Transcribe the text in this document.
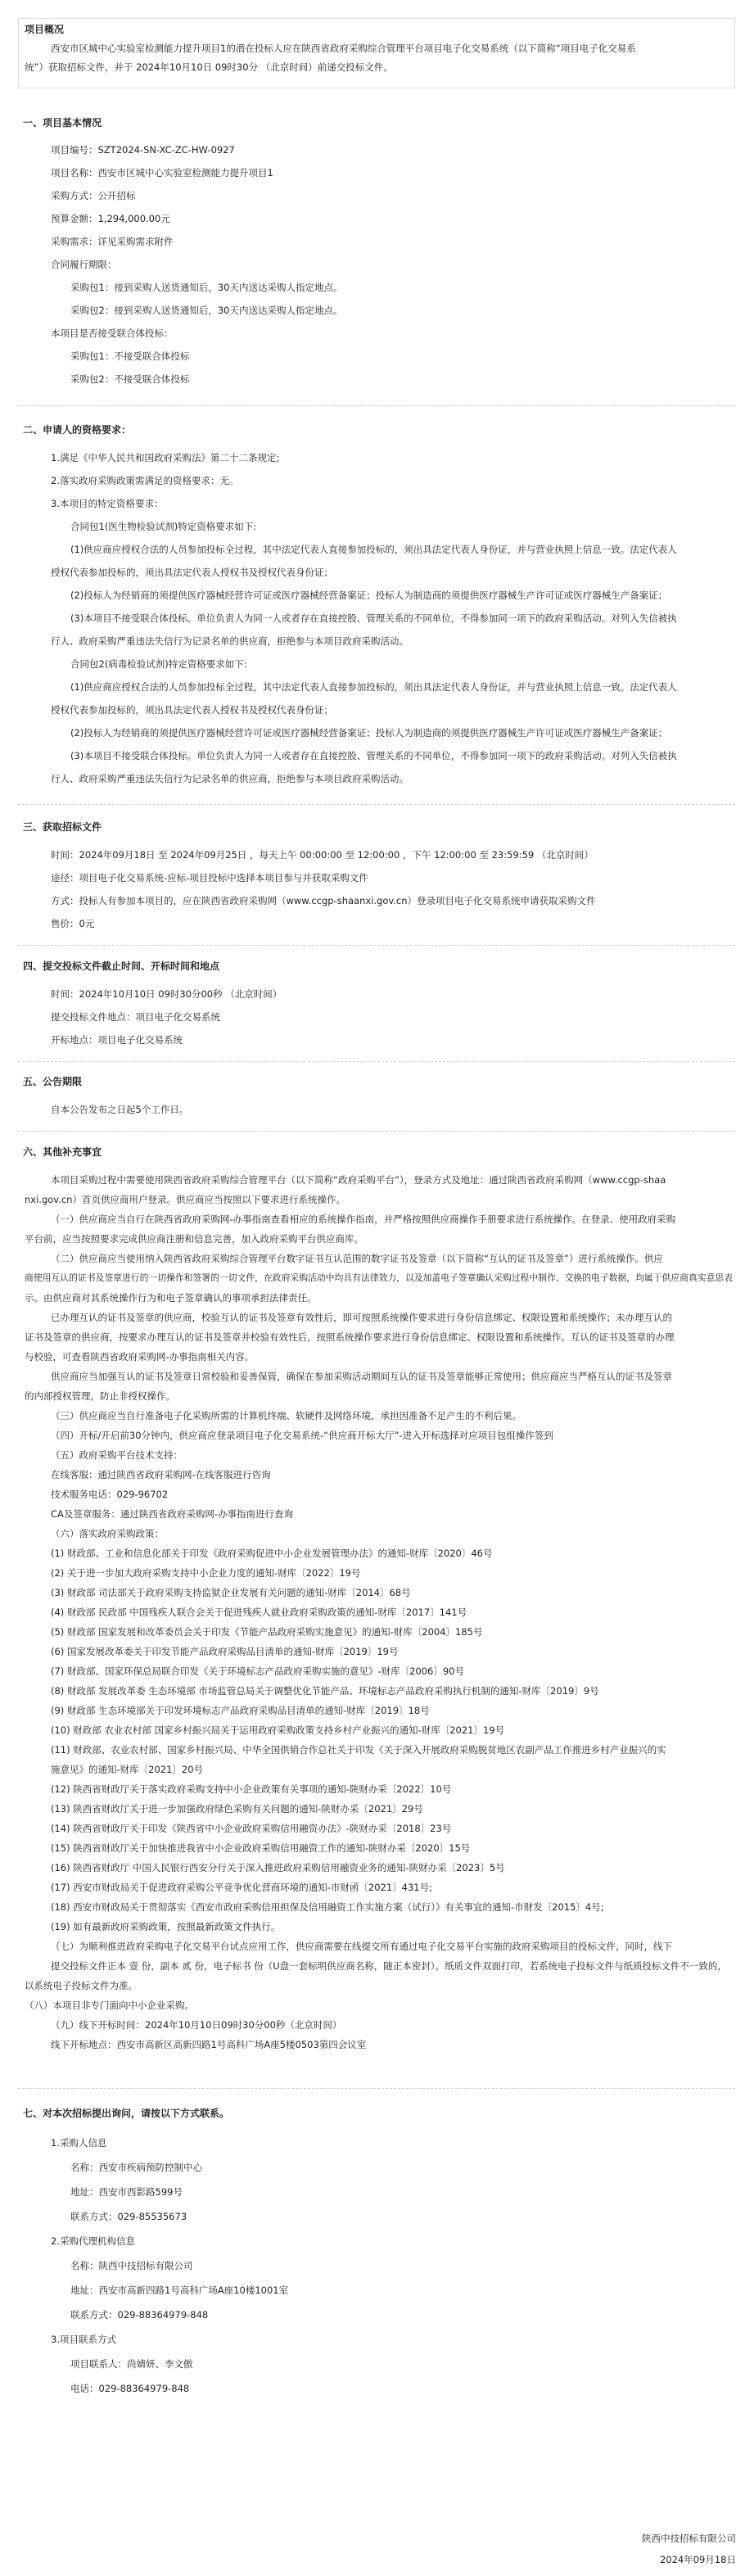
项目概况
西安市区城中心实验室检测能力提升项目1的潜在投标人应在陕西省政府采购综合管理平台项目电子化交易系统（以下简称“项目电子化交易系
统”）获取招标文件，并于 2024年10月10日 09时30分 （北京时间）前递交投标文件。
一、项目基本情况
项目编号：SZT2024-SN-XC-ZC-HW-0927
项目名称：西安市区城中心实验室检测能力提升项目1
采购方式：公开招标
预算金额：1,294,000.00元
采购需求：详见采购需求附件
合同履行期限：
采购包1：接到采购人送货通知后，30天内送达采购人指定地点。
采购包2：接到采购人送货通知后，30天内送达采购人指定地点。
本项目是否接受联合体投标：
采购包1：不接受联合体投标
采购包2：不接受联合体投标
二、申请人的资格要求：
1.满足《中华人民共和国政府采购法》第二十二条规定;
2.落实政府采购政策需满足的资格要求：无。
3.本项目的特定资格要求：
合同包1(医生物检验试剂)特定资格要求如下:
(1)供应商应授权合法的人员参加投标全过程，其中法定代表人直接参加投标的，须出具法定代表人身份证，并与营业执照上信息一致。法定代表人
授权代表参加投标的，须出具法定代表人授权书及授权代表身份证；
(2)投标人为经销商的须提供医疗器械经营许可证或医疗器械经营备案证；投标人为制造商的须提供医疗器械生产许可证或医疗器械生产备案证；
(3)本项目不接受联合体投标。单位负责人为同一人或者存在直接控股、管理关系的不同单位，不得参加同一项下的政府采购活动。对列入失信被执
行人、政府采购严重违法失信行为记录名单的供应商，拒绝参与本项目政府采购活动。
合同包2(病毒检验试剂)特定资格要求如下:
(1)供应商应授权合法的人员参加投标全过程，其中法定代表人直接参加投标的，须出具法定代表人身份证，并与营业执照上信息一致。法定代表人
授权代表参加投标的，须出具法定代表人授权书及授权代表身份证；
(2)投标人为经销商的须提供医疗器械经营许可证或医疗器械经营备案证；投标人为制造商的须提供医疗器械生产许可证或医疗器械生产备案证；
(3)本项目不接受联合体投标。单位负责人为同一人或者存在直接控股、管理关系的不同单位，不得参加同一项下的政府采购活动。对列入失信被执
行人、政府采购严重违法失信行为记录名单的供应商，拒绝参与本项目政府采购活动。
三、获取招标文件
时间：2024年09月18日 至 2024年09月25日 ，每天上午 00:00:00 至 12:00:00 ，下午 12:00:00 至 23:59:59 （北京时间）
途径：项目电子化交易系统-应标-项目投标中选择本项目参与并获取采购文件
方式：投标人有参加本项目的，应在陕西省政府采购网（www.ccgp-shaanxi.gov.cn）登录项目电子化交易系统申请获取采购文件
售价：0元
四、提交投标文件截止时间、开标时间和地点
时间：2024年10月10日 09时30分00秒 （北京时间）
提交投标文件地点：项目电子化交易系统
开标地点：项目电子化交易系统
五、公告期限
自本公告发布之日起5个工作日。
六、其他补充事宜
本项目采购过程中需要使用陕西省政府采购综合管理平台（以下简称“政府采购平台”），登录方式及地址：通过陕西省政府采购网（www.ccgp-shaa
nxi.gov.cn）首页供应商用户登录。供应商应当按照以下要求进行系统操作。
（一）供应商应当自行在陕西省政府采购网-办事指南查看相应的系统操作指南，并严格按照供应商操作手册要求进行系统操作。在登录、使用政府采购
平台前，应当按照要求完成供应商注册和信息完善，加入政府采购平台供应商库。
（二）供应商应当使用纳入陕西省政府采购综合管理平台数字证书互认范围的数字证书及签章（以下简称“互认的证书及签章”）进行系统操作。供应
商使用互认的证书及签章进行的一切操作和签署的一切文件，在政府采购活动中均具有法律效力，以及加盖电子签章确认采购过程中制作、交换的电子数据，均属于供应商真实意思表
示。由供应商对其系统操作行为和电子签章确认的事项承担法律责任。
已办理互认的证书及签章的供应商，校验互认的证书及签章有效性后，即可按照系统操作要求进行身份信息绑定、权限设置和系统操作；未办理互认的
证书及签章的供应商，按要求办理互认的证书及签章并校验有效性后，按照系统操作要求进行身份信息绑定、权限设置和系统操作。互认的证书及签章的办理
与校验，可查看陕西省政府采购网-办事指南相关内容。
供应商应当加强互认的证书及签章日常校验和妥善保管，确保在参加采购活动期间互认的证书及签章能够正常使用；供应商应当严格互认的证书及签章
的内部授权管理，防止非授权操作。
（三）供应商应当自行准备电子化采购所需的计算机终端、软硬件及网络环境，承担因准备不足产生的不利后果。
（四）开标/开启前30分钟内，供应商应登录项目电子化交易系统-“供应商开标大厅”-进入开标选择对应项目包组操作签到
（五）政府采购平台技术支持：
在线客服：通过陕西省政府采购网-在线客服进行咨询
技术服务电话：029-96702
CA及签章服务：通过陕西省政府采购网-办事指南进行查询
（六）落实政府采购政策：
(1) 财政部、工业和信息化部关于印发《政府采购促进中小企业发展管理办法》的通知-财库〔2020〕46号
(2) 关于进一步加大政府采购支持中小企业力度的通知-财库〔2022〕19号
(3) 财政部 司法部关于政府采购支持监狱企业发展有关问题的通知-财库〔2014〕68号
(4) 财政部 民政部 中国残疾人联合会关于促进残疾人就业政府采购政策的通知-财库〔2017〕141号
(5) 财政部 国家发展和改革委员会关于印发《节能产品政府采购实施意见》的通知-财库〔2004〕185号
(6) 国家发展改革委关于印发节能产品政府采购品目清单的通知-财库〔2019〕19号
(7) 财政部、国家环保总局联合印发《关于环境标志产品政府采购实施的意见》-财库〔2006〕90号
(8) 财政部 发展改革委 生态环境部 市场监管总局关于调整优化节能产品、环境标志产品政府采购执行机制的通知-财库〔2019〕9号
(9) 财政部 生态环境部关于印发环境标志产品政府采购品目清单的通知-财库〔2019〕18号
(10) 财政部 农业农村部 国家乡村振兴局关于运用政府采购政策支持乡村产业振兴的通知-财库〔2021〕19号
(11) 财政部、农业农村部、国家乡村振兴局、中华全国供销合作总社关于印发《关于深入开展政府采购脱贫地区农副产品工作推进乡村产业振兴的实
施意见》的通知-财库〔2021〕20号
(12) 陕西省财政厅关于落实政府采购支持中小企业政策有关事项的通知-陕财办采〔2022〕10号
(13) 陕西省财政厅关于进一步加强政府绿色采购有关问题的通知-陕财办采〔2021〕29号
(14) 陕西省财政厅关于印发《陕西省中小企业政府采购信用融资办法》-陕财办采〔2018〕23号
(15) 陕西省财政厅关于加快推进我省中小企业政府采购信用融资工作的通知-陕财办采〔2020〕15号
(16) 陕西省财政厅 中国人民银行西安分行关于深入推进政府采购信用融资业务的通知-陕财办采〔2023〕5号
(17) 西安市财政局关于促进政府采购公平竞争优化营商环境的通知-市财函〔2021〕431号;
(18) 西安市财政局关于贯彻落实《西安市政府采购信用担保及信用融资工作实施方案（试行）》有关事宜的通知-市财发〔2015〕4号;
(19) 如有最新政府采购政策，按照最新政策文件执行。
（七）为顺利推进政府采购电子化交易平台试点应用工作，供应商需要在线提交所有通过电子化交易平台实施的政府采购项目的投标文件，同时，线下
提交投标文件正本 壹 份，副本 贰 份，电子标书 份（U盘一套标明供应商名称，随正本密封）。纸质文件双面打印，若系统电子投标文件与纸质投标文件不一致的，
以系统电子投标文件为准。
（八）本项目非专门面向中小企业采购。
（九）线下开标时间：2024年10月10日09时30分00秒（北京时间）
线下开标地点：西安市高新区高新四路1号高科广场A座5楼0503第四会议室
七、对本次招标提出询问，请按以下方式联系。
1.采购人信息
名称：西安市疾病预防控制中心
地址：西安市西影路599号
联系方式：029-85535673
2.采购代理机构信息
名称：陕西中技招标有限公司
地址：西安市高新四路1号高科广场A座10楼1001室
联系方式：029-88364979-848
3.项目联系方式
项目联系人：尚婧妍、李文傲
电话：029-88364979-848
陕西中技招标有限公司
2024年09月18日
